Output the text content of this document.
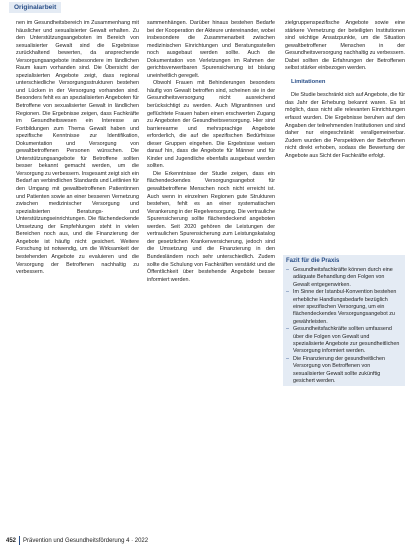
Originalarbeit

nen im Gesundheitsbereich im Zusammenhang mit häuslicher und sexualisierter Gewalt erhalten. Zu den Unterstützungsangeboten im Bereich von sexualisierter Gewalt sind die Ergebnisse zurückhaltend bewerten, da ansprechende Versorgungsangebote insbesondere im ländlichen Raum kaum vorhanden sind. Die Übersicht der spezialisierten Angebote zeigt, dass regional unterschiedliche Versorgungsstrukturen bestehen und Lücken in der Versorgung vorhanden sind. Besonders fehlt es an spezialisierten Angeboten für Betroffene von sexualisierter Gewalt in ländlichen Regionen. Die Ergebnisse zeigen, dass Fachkräfte im Gesundheitswesen ein Interesse an Fortbildungen zum Thema Gewalt haben und spezifische Kenntnisse zur Identifikation, Dokumentation und Versorgung von gewaltbetroffenen Personen wünschen. Die Unterstützungsangebote für Betroffene sollten besser bekannt gemacht werden, um die Versorgung zu verbessern. Insgesamt zeigt sich ein Bedarf an verbindlichen Standards und Leitlinien für den Umgang mit gewaltbetroffenen Patientinnen und Patienten sowie an einer besseren Vernetzung zwischen medizinischer Versorgung und spezialisierten Beratungs- und Unterstützungseinrichtungen. Die flächendeckende Umsetzung der Empfehlungen steht in vielen Bereichen noch aus, und die Finanzierung der Angebote ist häufig nicht gesichert. Weitere Forschung ist notwendig, um die Wirksamkeit der bestehenden Angebote zu evaluieren und die Versorgung der Betroffenen nachhaltig zu verbessern.

sammenhängen. Darüber hinaus bestehen Bedarfe bei der Kooperation der Akteure untereinander, wobei insbesondere die Zusammenarbeit zwischen medizinischen Einrichtungen und Beratungsstellen noch ausgebaut werden sollte. Auch die Dokumentation von Verletzungen im Rahmen der gerichtsverwertbaren Spurensicherung ist bislang uneinheitlich geregelt.

Obwohl Frauen mit Behinderungen besonders häufig von Gewalt betroffen sind, scheinen sie in der Gesundheitsversorgung nicht ausreichend berücksichtigt zu werden. Auch Migrantinnen und geflüchtete Frauen haben einen erschwerten Zugang zu Angeboten der Gesundheitsversorgung. Hier sind barrierearme und mehrsprachige Angebote erforderlich, die auf die spezifischen Bedürfnisse dieser Gruppen eingehen. Die Ergebnisse weisen darauf hin, dass die Angebote für Männer und für Kinder und Jugendliche ebenfalls ausgebaut werden sollten.

Die Erkenntnisse der Studie zeigen, dass ein flächendeckendes Versorgungsangebot für gewaltbetroffene Menschen noch nicht erreicht ist. Auch wenn in einzelnen Regionen gute Strukturen bestehen, fehlt es an einer systematischen Verankerung in der Regelversorgung. Die vertrauliche Spurensicherung sollte flächendeckend angeboten werden. Seit 2020 gehören die Leistungen der vertraulichen Spurensicherung zum Leistungskatalog der gesetzlichen Krankenversicherung, jedoch sind die Umsetzung und die Finanzierung in den Bundesländern noch sehr unterschiedlich. Zudem sollte die Schulung von Fachkräften verstärkt und die Öffentlichkeit über bestehende Angebote besser informiert werden.

zielgruppenspezifische Angebote sowie eine stärkere Vernetzung der beteiligten Institutionen sind wichtige Ansatzpunkte, um die Situation gewaltbetroffener Menschen in der Gesundheitsversorgung nachhaltig zu verbessern. Dabei sollten die Erfahrungen der Betroffenen selbst stärker einbezogen werden.

Limitationen

Die Studie beschränkt sich auf Angebote, die für das Jahr der Erhebung bekannt waren. Es ist möglich, dass nicht alle relevanten Einrichtungen erfasst wurden. Die Ergebnisse beruhen auf den Angaben der teilnehmenden Institutionen und sind daher nur eingeschränkt verallgemeinerbar. Zudem wurden die Perspektiven der Betroffenen nicht direkt erhoben, sodass die Bewertung der Angebote aus Sicht der Fachkräfte erfolgt.

Fazit für die Praxis
– Gesundheitsfachkräfte können durch eine adäquate Behandlung den Folgen von Gewalt entgegenwirken.
– Im Sinne der Istanbul-Konvention bestehen erhebliche Handlungsbedarfe bezüglich einer spezifischen Versorgung, um ein flächendeckendes Versorgungsangebot zu gewährleisten.
– Gesundheitsfachkräfte sollten umfassend über die Folgen von Gewalt und spezialisierte Angebote zur gesundheitlichen Versorgung informiert werden.
– Die Finanzierung der gesundheitlichen Versorgung von Betroffenen von sexualisierter Gewalt sollte zukünftig gesichert werden.
452 Prävention und Gesundheitsförderung 4 · 2022
